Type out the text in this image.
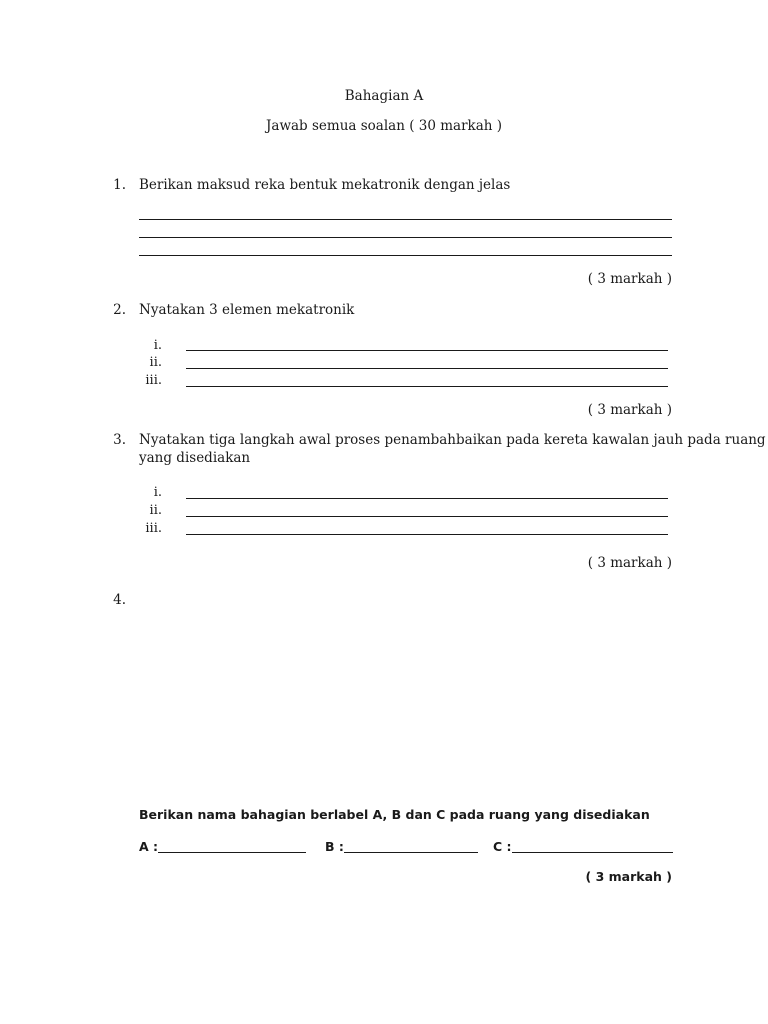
Bahagian A
Jawab semua soalan ( 30 markah )
1. Berikan maksud reka bentuk mekatronik dengan jelas
( 3 markah )
2. Nyatakan 3 elemen mekatronik
i.
ii.
iii.
( 3 markah )
3. Nyatakan tiga langkah awal proses penambahbaikan pada kereta kawalan jauh pada ruang
yang disediakan
i.
ii.
iii.
( 3 markah )
4.
Berikan nama bahagian berlabel A, B dan C pada ruang yang disediakan
A :	B :	C :
( 3 markah )
